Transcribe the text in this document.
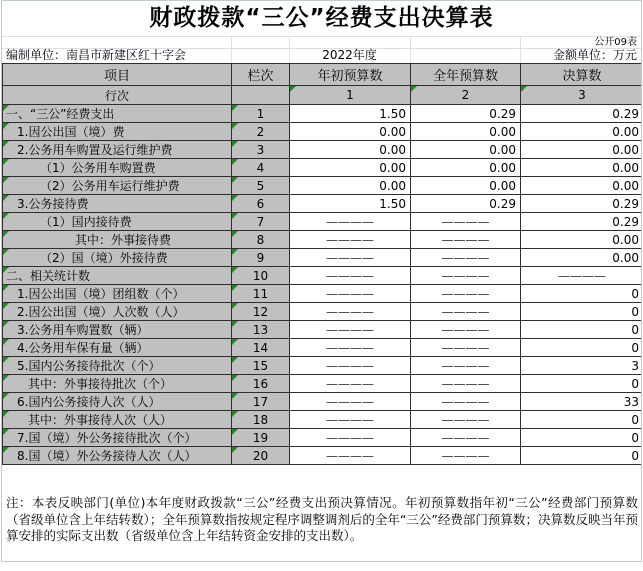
财政拨款“三公”经费支出决算表
公开09表
编制单位：南昌市新建区红十字会	2022年度	金额单位：万元
项目	栏次	年初预算数	全年预算数	决算数
行次		1	2	3

一、“三公”经费支出	1	1.50	0.29	0.29

1.因公出国（境）费	2	0.00	0.00	0.00

2.公务用车购置及运行维护费	3	0.00	0.00	0.00

（1）公务用车购置费	4	0.00	0.00	0.00

（2）公务用车运行维护费	5	0.00	0.00	0.00

3.公务接待费	6	1.50	0.29	0.29

（1）国内接待费	7	————	————	0.29

其中：外事接待费	8	————	————	0.00

（2）国（境）外接待费	9	————	————	0.00

二、相关统计数	10	————	————	————

1.因公出国（境）团组数（个）	11	————	————	0

2.因公出国（境）人次数（人）	12	————	————	0

3.公务用车购置数（辆）	13	————	————	0

4.公务用车保有量（辆）	14	————	————	0

5.国内公务接待批次（个）	15	————	————	3

其中：外事接待批次（个）	16	————	————	0

6.国内公务接待人次（人）	17	————	————	33

其中：外事接待人次（人）	18	————	————	0

7.国（境）外公务接待批次（个）	19	————	————	0

8.国（境）外公务接待人次（人）	20	————	————	0
注：本表反映部门(单位)本年度财政拨款“三公”经费支出预决算情况。年初预算数指年初“三公”经费部门预算数（省级单位含上年结转数）；全年预算数指按规定程序调整调剂后的全年“三公”经费部门预算数；决算数反映当年预算安排的实际支出数（省级单位含上年结转资金安排的支出数）。
